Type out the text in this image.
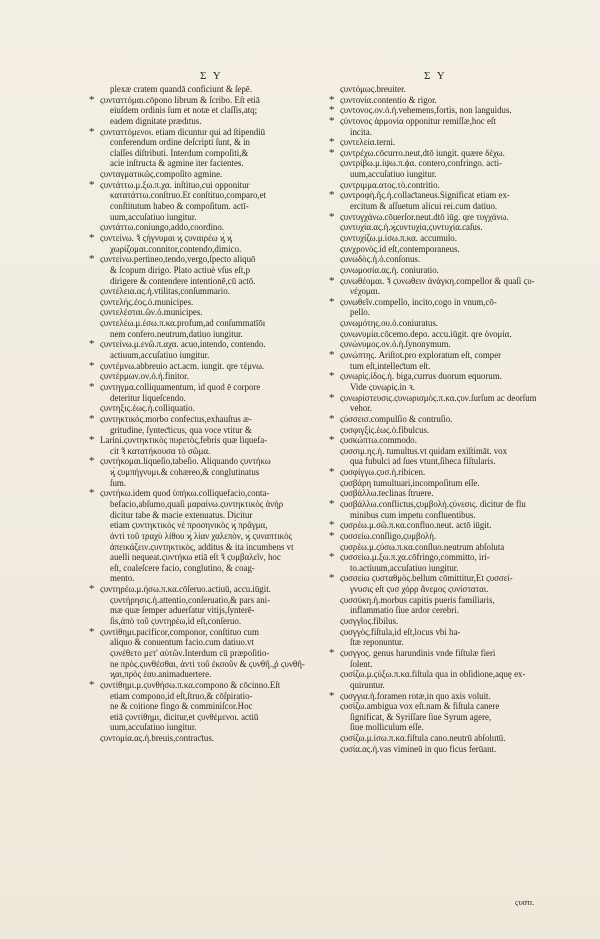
Σ Υ	Σ Υ
plexæ cratem quandā conficiunt & ſepē.
* ϛυνταττόμαι.cōpono librum & ſcribo. Eſt etiā
eiuſdem ordinis ſum et notæ et claſſis,atq;
eadem dignitate prædıtus.
* ϛυνταττόμενοι. etiam dicuntur qui ad ſtipendiū
conferendum ordine deſcripti ſunt, & in
claſſes diſtributi. Interdum compoſiti,&
acie inſtructa & agmine iter facientes.
ϛυνταγματικῶς.compoſito agmine.
* ϛυντάττω.μ.ξω.π.χα. inſtituo,cui opponitur
κατατάττω.conſtruo.Et conſtituo,comparo,et
conſtitutum habeo & compoſitum. actī-
uum,accuſatiuo iungitur.
ϛυντάττω.coniungo,addo,coordino.
* ϛυντείνω. ꝛ̃ ϛήγνυμαι ϗ̀ ϛυναιρέω ϗ̀ ϗ̀
χωρίζομαι.connitor,contendo,dimico.
* ϛυντείνω.pertineo,tendo,vergo,ſpecto aliquō
& ſcopum dirigo. Plato actiuè vſus eſt,p
dirigere & contendere intentionē,cū actō.
ϛυντέλεια.ας.ἡ.vtilitas,conſummario.
ϛυντελής.ἐος.ὁ.municipes.
ϛυντελέσται.ῶν.ὁ.municipes.
ϛυντελέω.μ.έσω.π.κα.profum,ad conſummatīōı
nem confero.neutrum,datiuo iungitur.
* ϛυντείνω.μ.ενῶ.π.αχα. acuo,intendo, contendo.
actiuum,accuſatiuo iungitur.
* ϛυντέμνω.abbreuio act.acm. iungit. qre τέμνω.
ϛυντέρμων.ον.ὁ.ἡ.finitor.
* ϛυντηγμα.colliquamentum, id quod ē corpore
deteritur liqueſcendo.
ϛυντηξις.ἐως.ἡ.colliquatio.
* ϛυντηκτικός.morbo confectus,exhauſtus æ-
gritudine, ſynteƈticus, qua voce vtitur &
* Larini.ϛυντηκτικὸς πυρετὸς,febris quæ liquefa-
cit ꝛ̃ κατατήκουσα τὸ σῶμα.
* ϛυντήκομαι.liqueſio,tabeſio. Aliquando ϛυντήκω
ϗ̀ ϛυμπήγνυμι.& cohæreo,& conglutinatus
ſum.
* ϛυντήκω.idem quod ὑπήκω.colliquefacio,conta-
befacio,abſumo,quaſi μαραίνω.ϛυντηκτικὸς ἀνὴρ
dicitur tabe & macie extenuatus. Dicitur
etiam ϛυντηκτικὸς νὲ προσηνικὸς ϗ̀ πρᾶγμα,
ἀντὶ τοῦ τραχὺ λίθου ϗ̀ λίαν χαλεπὸν, ϗ̀ ϛυναπτικὸς
ἀπεικάζειν.ϛυντηκτικὸς, additus & ita incumbens vt
auelli nequeat.ϛυντήκω etiā eſt ꝛ̃ ϛυμβαλεῖν, hoc
eſt, coaleſcere facio, conglutino, & coag-
mento.
* ϛυντηρέω.μ.ήσω.π.κα.cōſeruo.actiuū, accu.iūgit.
ϛυντήρησις.ἡ.attentio,conſeruatio,& pars ani-
mæ quæ ſemper aduerſatur vitijs,ſynterē-
ſis,ἀπὸ τοῦ ϛυντηρέω,id eſt,conſeruo.
* ϛυντίθημι.pacificor,componor, conſtituo cum
aliquo & conuentum facio.cum datiuo.vt
ϛυνέθετο μετ' αὐτῶν.Interdum cū præpoſitio-
ne πρὸς.ϛυνθέσθαι, ἀντὶ τοῦ ἐκσοῦν & ϛυνθῆ.,ῤ ϛυνθῆ-
ϗαι,πρὸς ἑαυ.animaduertere.
* ϛυντίθημι.μ.ϛυνθήσω.π.κα.compono & cōcinno.Eſt
etiam compono,id eſt,ſtruo,& cōſpiratio-
ne & coitione fingo & comminiſcor.Hoc
etiā ϛυντίθημι, dicitur,et ϛυνθέμενοι. actiū
uum,accuſatiuo iungitur.
ϛυντομία.ας.ἡ.breuis,contraƈtus.
ϛυντόμως.breuiter.
* ϛυντονία.contentio & rigor.
* ϛυντονος.ον.ὁ.ἡ.vehemens,fortis, non languidus.
* ϛύντονος ἁρμονία opponitur remiſſæ,hoc eſt
incita.
* ϛυντελεία.terni.
* ϛυντρέχω.cōcurro.neut,dtō iungit. quære δέχω.
ϛυντρίβω.μ.ίψω.π.ϕα. contero,confringo. acti-
uum,accuſatiuo iungitur.
ϛυντριμμα.ατος.τὸ.contritio.
* ϛυντροφὴ.ῆς.ἡ.collaƈtaneus.Significat etiam ex-
ercitum & aſſuetum alicui rei.cum datiuo.
* ϛυντυγχάνω.cōuerſor.neut.dtō iūg. qre τυγχάνω.
ϛυντυχία.ας.ἡ.ϗ̀ϛυντυχία,ϛυντυχία.caſus.
ϛυντυχίζω.μ.ίσω.π.κα. accumulo.
ϛυνχρονὸς.id eſt,contemporaneus.
ϛυνωδὸς.ἡ.ὁ.conſonus.
ϛυνωμοσία.ας.ἡ. coniuratio.
* ϛυνωθέομαι. ꝛ̃ ϛυνωθειν ἀνάγκη.compellor & quaſi ϛυ-
νέχομαι.
* ϛυνωθεῖν.compello, incito,cogo in vnum,cō-
pello.
ϛυνωμότης.ου.ὁ.coniuratus.
ϛυνωνυμία.cōcemo.depo. accu.iūgit. qre ὀνομία.
ϛυνώνυμος.ον.ὁ.ἡ.ſynonymum.
* ϛυνώπτης. Ariſtot.pro exploratum eſt, comper
tum eſt,intelleƈtum eſt.
* ϛυνωρὶς.ἰδος.ἡ. biga,currus duorum equorum.
Vide ϛυνωρίς.in ꝛ.
* ϛυνωρίστευσις.ϛυνωρισμὸς.π.κα.ϛυν.ſurſum ac deorſum
vehor.
* ϛύσσεισ.compulſio & contruſio.
ϛυσφιγξίς.ἐως.ὁ.fibulcus.
* ϛυσκώπτω.commodo.
ϛυσσιμ.ης.ἡ. tumultus.vt quidam exiſtimāt. vox
qua fubulci ad ſues vtunt,ſiheca fiſtularis.
* ϛυσφίγγω.ϛυσ.ἡ.ribicen.
ϛυσβάρη tumultuari,incompoſitum eſſe.
ϛυσβάλλω.teclinas ſtruere.
* ϛυσβάλλω.conflictus,ϛυμβολὴ.ϛύνεσις. dicitur de flu
minibus cum impetu confluentibus.
* ϛυσρέω.μ.σῶ.π.κα.confluo.neut. actō iūgit.
* ϛυσσείω.conſligo,ϛυμβολὴ.
ϛυσρέω.μ.ϛύσω.π.κα.conſluo.neutrum abſoluta
* ϛυσσείω.μ.ξω.π.χα.cōfringo,committo, iri-
to.actiuum,accuſatiuo iungitur.
* ϛυσσείω ϛυσταθμὸς.bellum cōmittitur,Et ϛυσσεί-
γνυσις eſt ϛυσ χόρρ ἄνεμος ϛυνίσταται.
ϛυσσύκη.ἡ.morbus capitis pueris familiaris,
inflammatio ſiue ardor cerebri.
ϛυσγγῖος.fibilus.
ϛυσγγὸς.fiſtula,id eſt,locus vbi ha-
ſtæ reponuntur.
* ϛυσγγος. genus harundinis vnde fiſtulæ fieri
ſolent.
ϛυσίζω.μ.ϛύξω.π.κα.fiſtula qua in obſidione,aquę ex-
quiruntur.
* ϛυσγγια.ἡ.foramen rotæ,in quo axis voluit.
ϛυσίζω.ambigua vox eſt.nam & fiſtula canere
ſignificat, & Syriſſare ſiue Syrum agere,
ſiue molliculum eſſe.
ϛυσίζω.μ.ίσω.π.κα.fiſtula cano.neutrū abſolutū.
ϛυσία.ας.ἡ.vas vimineū in quo ficus ferūant.
ϛυστι.
